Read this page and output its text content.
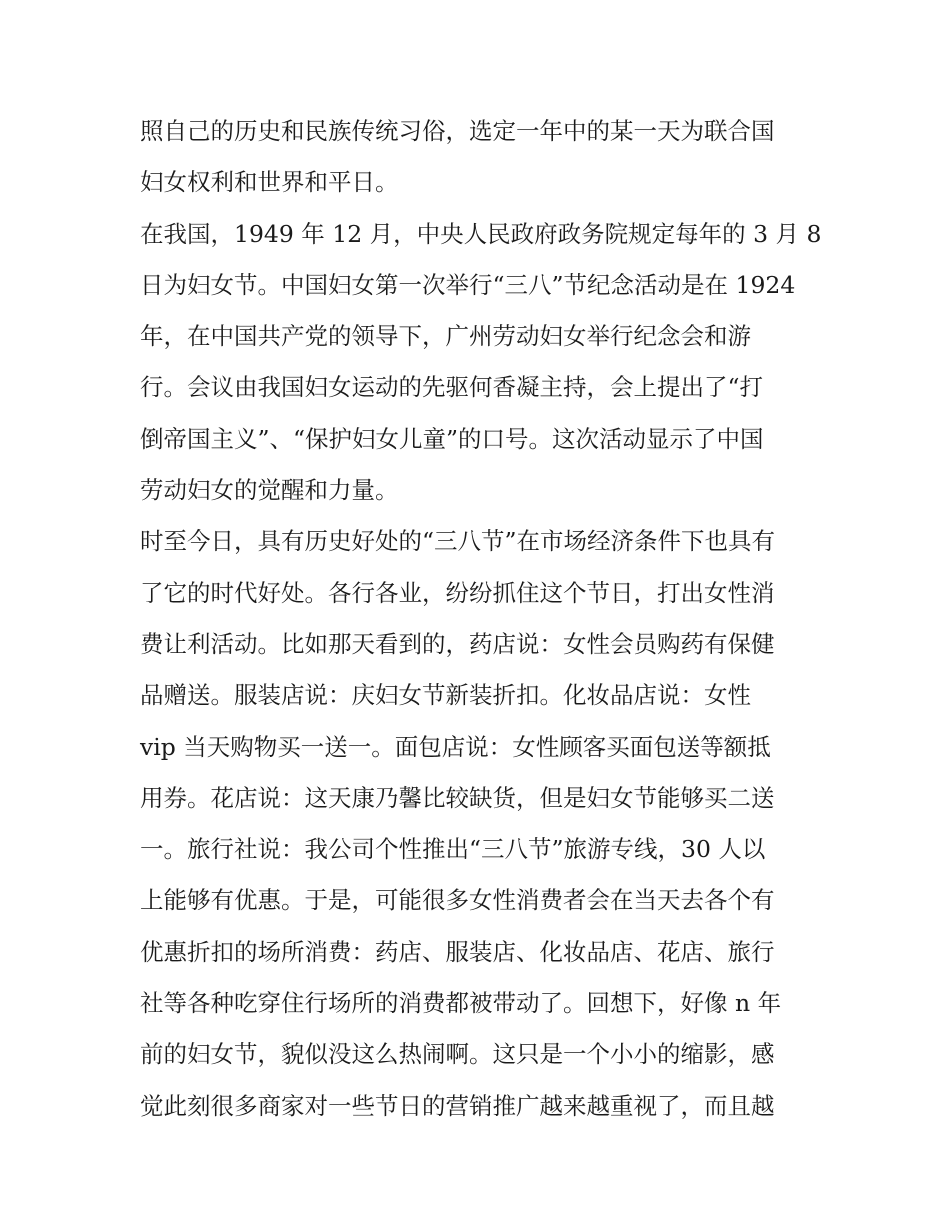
照自己的历史和民族传统习俗，选定一年中的某一天为联合国
妇女权利和世界和平日。
在我国，1949 年 12 月，中央人民政府政务院规定每年的 3 月 8
日为妇女节。中国妇女第一次举行“三八”节纪念活动是在 1924
年，在中国共产党的领导下，广州劳动妇女举行纪念会和游
行。会议由我国妇女运动的先驱何香凝主持，会上提出了“打
倒帝国主义”、“保护妇女儿童”的口号。这次活动显示了中国
劳动妇女的觉醒和力量。
时至今日，具有历史好处的“三八节”在市场经济条件下也具有
了它的时代好处。各行各业，纷纷抓住这个节日，打出女性消
费让利活动。比如那天看到的，药店说：女性会员购药有保健
品赠送。服装店说：庆妇女节新装折扣。化妆品店说：女性
vip 当天购物买一送一。面包店说：女性顾客买面包送等额抵
用券。花店说：这天康乃馨比较缺货，但是妇女节能够买二送
一。旅行社说：我公司个性推出“三八节”旅游专线，30 人以
上能够有优惠。于是，可能很多女性消费者会在当天去各个有
优惠折扣的场所消费：药店、服装店、化妆品店、花店、旅行
社等各种吃穿住行场所的消费都被带动了。回想下，好像 n 年
前的妇女节，貌似没这么热闹啊。这只是一个小小的缩影，感
觉此刻很多商家对一些节日的营销推广越来越重视了，而且越
